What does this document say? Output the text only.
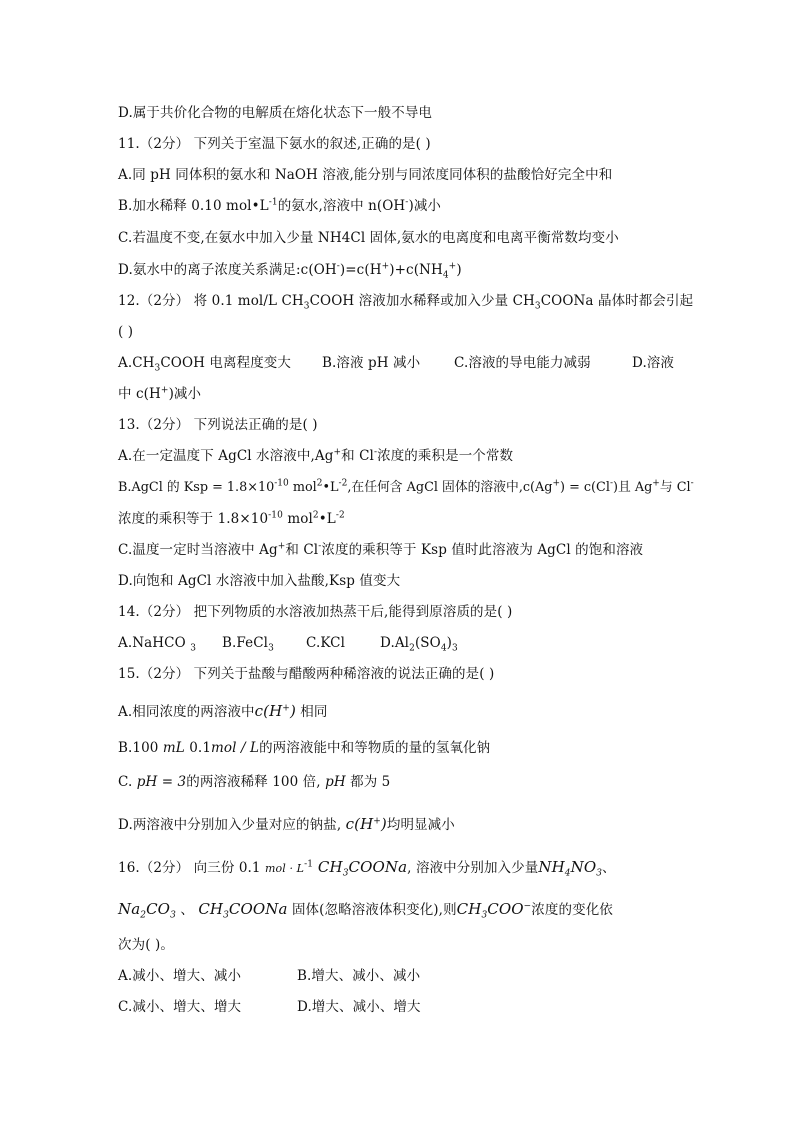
D.属于共价化合物的电解质在熔化状态下一般不导电

11.（2分） 下列关于室温下氨水的叙述,正确的是( )

A.同 pH 同体积的氨水和 NaOH 溶液,能分别与同浓度同体积的盐酸恰好完全中和

B.加水稀释 0.10 $mol•L^{-1}$的氨水,溶液中 n(OH-)减小

C.若温度不变,在氨水中加入少量 NH4Cl 固体,氨水的电离度和电离平衡常数均变小

D.氨水中的离子浓度关系满足$:c(OH^-)=c(H^+)+c(NH_4^+)$

12.（2分） 将 0.1 mol/L $CH_3COOH$ 溶液加水稀释或加入少量 $CH_3COONa$ 晶体时都会引起

( )

$A.CH_3COOH$ 电离程度变大 B.溶液 pH 减小	C.溶液的导电能力减弱	D.溶液

中 c(H+)减小

13.（2分） 下列说法正确的是( )

A.在一定温度下 AgCl 水溶液中,Ag+和 Cl-浓度的乘积是一个常数

B.AgCl 的 Ksp = $1.8\times 10^{-10}$ $mol^2•L^{-2}$,在任何含 AgCl 固体的溶液中,c(Ag+) = c(Cl-)且 Ag+与 Cl-

浓度的乘积等于 $1.8\times 10^{-10}$ $mol^2•L^{-2}$

C.温度一定时当溶液中 Ag+和 Cl-浓度的乘积等于 Ksp 值时此溶液为 AgCl 的饱和溶液

D.向饱和 AgCl 水溶液中加入盐酸,Ksp 值变大

14.（2分） 把下列物质的水溶液加热蒸干后,能得到原溶质的是( )

A.NaHCO $_3$ B.FeCl$_3$ C.KCl	$D.Al_2(SO_4)_3$

15.（2分） 下列关于盐酸与醋酸两种稀溶液的说法正确的是( )

A.相同浓度的两溶液中c(H+) 相同

B.100 mL 0.1mol / L的两溶液能中和等物质的量的氢氧化钠

C. pH = 3的两溶液稀释 100 倍, pH 都为 5

D.两溶液中分别加入少量对应的钠盐, c(H+)均明显减小

16.（2分） 向三份 0.1 mol · $L^{-1}$ $CH_3COONa$, 溶液中分别加入少量$NH_4NO_3$、

$Na_2CO_3$ 、 $CH_3COONa$ 固体(忽略溶液体积变化),则$CH_3COO^-$浓度的变化依

次为( )。

A.减小、增大、减小	B.增大、减小、减小
C.减小、增大、增大	D.增大、减小、增大
